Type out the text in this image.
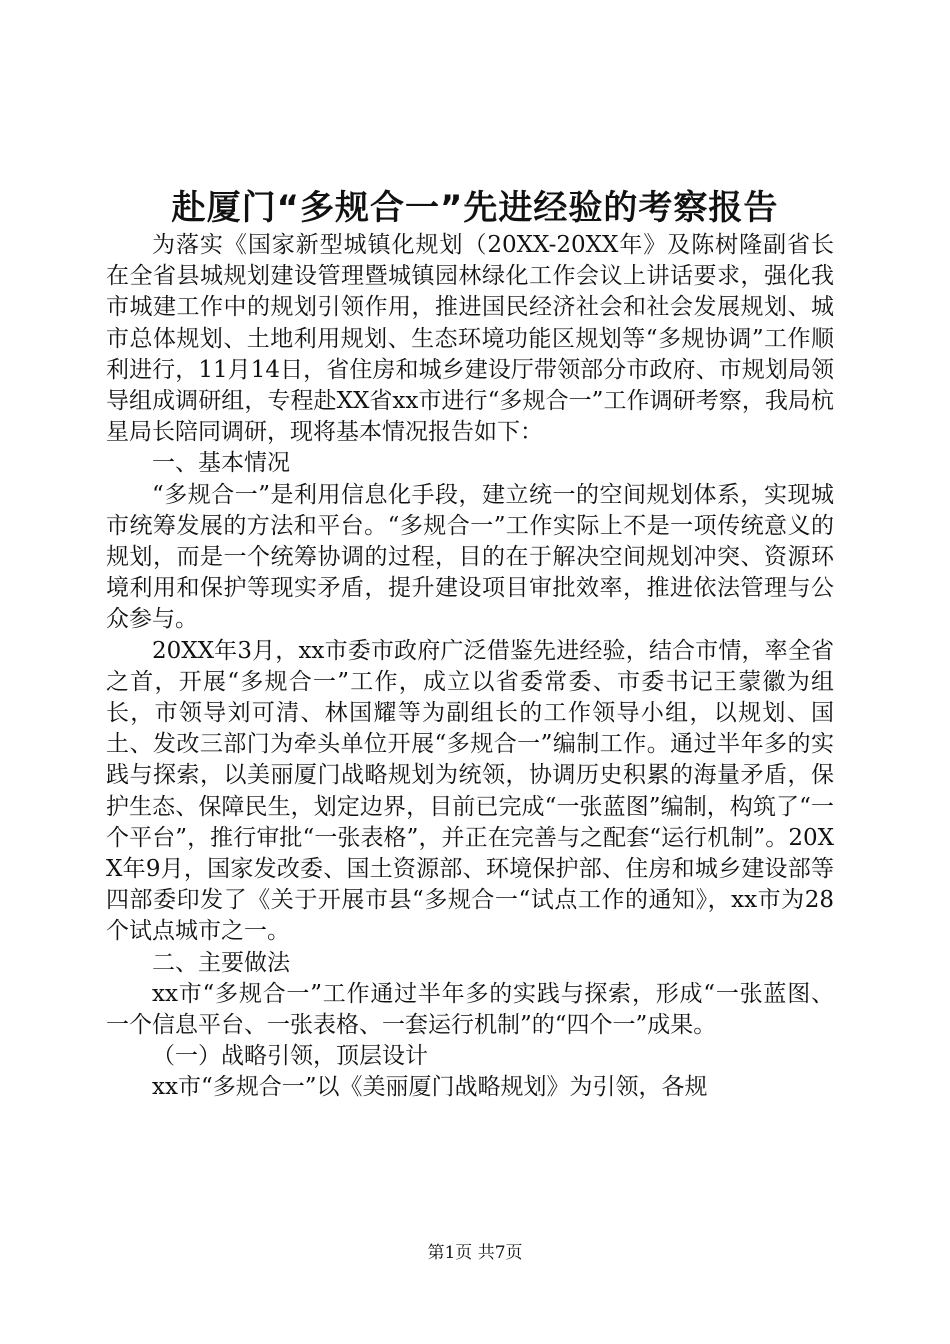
赴厦门“多规合一”先进经验的考察报告

为落实《国家新型城镇化规划（20XX-20XX年》及陈树隆副省长在全省县城规划建设管理暨城镇园林绿化工作会议上讲话要求，强化我市城建工作中的规划引领作用，推进国民经济社会和社会发展规划、城市总体规划、土地利用规划、生态环境功能区规划等“多规协调”工作顺利进行，11月14日，省住房和城乡建设厅带领部分市政府、市规划局领导组成调研组，专程赴XX省xx市进行“多规合一”工作调研考察，我局杭星局长陪同调研，现将基本情况报告如下：

一、基本情况

“多规合一”是利用信息化手段，建立统一的空间规划体系，实现城市统筹发展的方法和平台。“多规合一”工作实际上不是一项传统意义的规划，而是一个统筹协调的过程，目的在于解决空间规划冲突、资源环境利用和保护等现实矛盾，提升建设项目审批效率，推进依法管理与公众参与。

20XX年3月，xx市委市政府广泛借鉴先进经验，结合市情，率全省之首，开展“多规合一”工作，成立以省委常委、市委书记王蒙徽为组长，市领导刘可清、林国耀等为副组长的工作领导小组，以规划、国土、发改三部门为牵头单位开展“多规合一”编制工作。通过半年多的实践与探索，以美丽厦门战略规划为统领，协调历史积累的海量矛盾，保护生态、保障民生，划定边界，目前已完成“一张蓝图”编制，构筑了“一个平台”，推行审批“一张表格”，并正在完善与之配套“运行机制”。20XX年9月，国家发改委、国土资源部、环境保护部、住房和城乡建设部等四部委印发了《关于开展市县“多规合一“试点工作的通知》，xx市为28个试点城市之一。

二、主要做法

xx市“多规合一”工作通过半年多的实践与探索，形成“一张蓝图、一个信息平台、一张表格、一套运行机制”的“四个一”成果。

（一）战略引领，顶层设计

xx市“多规合一”以《美丽厦门战略规划》为引领，各规

第1页 共7页
